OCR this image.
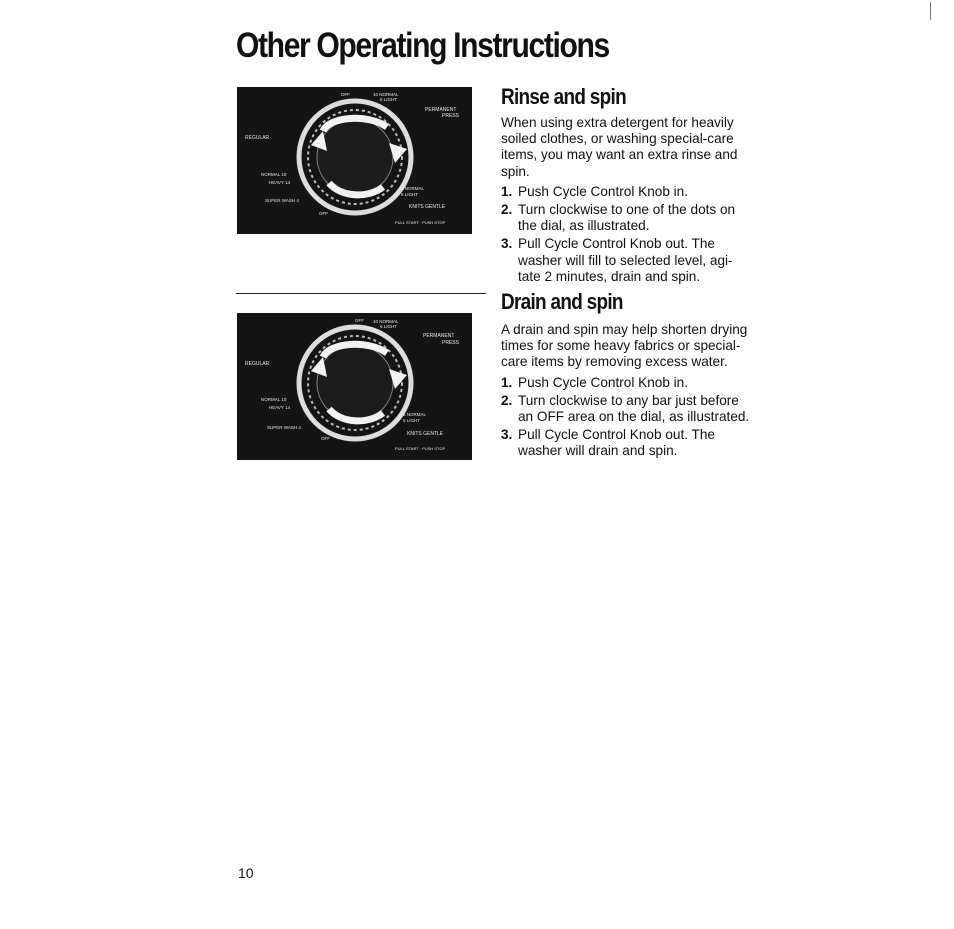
Other Operating Instructions
OFF	10 NORMAL
6 LIGHT
PERMANENT
PRESS
REGULAR
NORMAL 10
HEAVY 14
SUPER WASH 4
OFF
8 NORMAL
6 LIGHT
KNITS GENTLE
PULL START · PUSH STOP
Rinse and spin

When using extra detergent for heavily soiled clothes, or washing special-care items, you may want an extra rinse and spin.

1. Push Cycle Control Knob in.
2. Turn clockwise to one of the dots on the dial, as illustrated.
3. Pull Cycle Control Knob out. The washer will fill to selected level, agi-tate 2 minutes, drain and spin.
OFF 10 NORMAL
6 LIGHT
PERMANENT
PRESS
REGULAR
NORMAL 10
HEAVY 14
SUPER WASH 4
OFF
8 NORMAL
6 LIGHT
KNITS GENTLE
PULL START · PUSH STOP
Drain and spin

A drain and spin may help shorten drying times for some heavy fabrics or special-care items by removing excess water.

1. Push Cycle Control Knob in.
2. Turn clockwise to any bar just before an OFF area on the dial, as illustrated.
3. Pull Cycle Control Knob out. The washer will drain and spin.
10
